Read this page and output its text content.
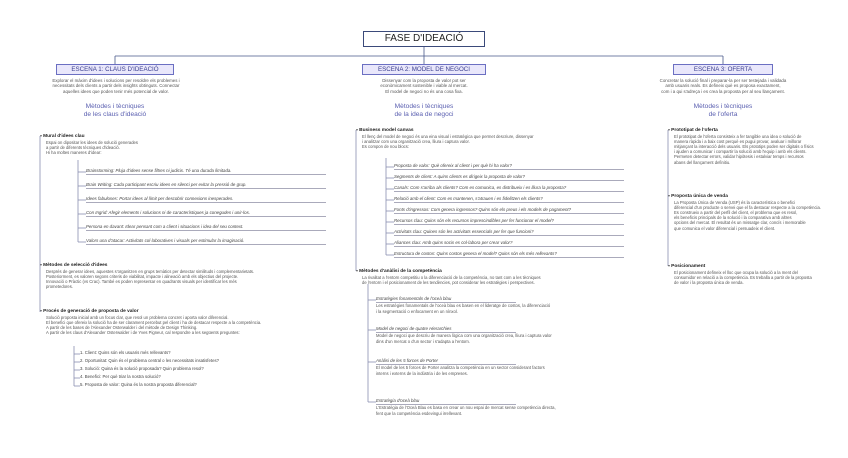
FASE D'IDEACIÓ
ESCENA 1: CLAUS D'IDEACIÓ
Explorar el màxim d'idees i solucions per resoldre els problemes i
necessitats dels clients a partir dels insights obtinguts. Connectar
aquelles idees que poden tenir més potencial de valor.
Mètodes i tècniques
de les claus d'ideació
▾ Mural d'idees clau
Espai on dipositar les idees de solució generades
a partir de diferents tècniques d'ideació.
Hi ha moltes maneres d'idear:
Brainstorming: Pluja d'idees sense filtres ni judicis. Té una durada limitada.
Brain Writing: Cada participant escriu idees en silenci per evitar la pressió de grup.
Idees fabuloses: Portar idees al límit per descobrir connexions inesperades.
Con Ingrid: Afegir elements i solucions ni de característiques ja conegudes i unir-los.
Persona en davant: Idear pensant com a client i situacions i idea del seu context.
Valors una d'atacar: Activitats col·laboratives i visuals per estimular la imaginació.
▾ Mètodes de selecció d'idees
Després de generar idees, aquestes s'organitzen en grups temàtics per detectar similituds i complementarietats.
Posteriorment, es valoren segons criteris de viabilitat, impacte i alineació amb els objectius del projecte.
Innovació o Pràctic (vs Crac). També es poden representar en quadrants visuals per identificar les més
prometedores.
▾ Procés de generació de proposta de valor
Solució proposta inicial amb un focus clar, que resol un problema concret i aporta valor diferencial.
El benefici que ofereix la solució ha de ser clarament percebut pel client i ha de destacar respecte a la competència.
A partir de les bases de l'Alexander Osterwalder i del mètode de Design Thinking.
A partir de les claus d'Alexander Osterwalder i de Yves Pigneur, cal respondre a les següents preguntes:
1. Client: Quins són els usuaris més rellevants?
2. Oportunitat: Quin és el problema central o les necessitats insatisfetes?
3. Solució: Quina és la solució proposada? Quin problema resol?
4. Benefici: Per què triar la nostra solució?
5. Proposta de valor: Quina és la nostra proposta diferencial?
ESCENA 2: MODEL DE NEGOCI
Dissenyar com la proposta de valor pot ser
econòmicament sostenible i viable al mercat.
El model de negoci no és una cosa fixa.
Mètodes i tècniques
de la idea de negoci
▾ Business model canvas
El llenç del model de negoci és una eina visual i estratègica que permet descriure, dissenyar
i analitzar com una organització crea, lliura i captura valor.
Es compon de nou blocs:
Proposta de valor: Què ofereix al client i per què hi ha valor?
Segments de client: A quins clients es dirigeix la proposta de valor?
Canals: Com s'arriba als clients? Com es comunica, es distribueix i es lliura la proposta?
Relació amb el client: Com es mantenen, s'atrauen i es fidelitzen els clients?
Fonts d'ingressos: Com genera ingressos? Quins són els preus i els models de pagament?
Recursos clau: Quins són els recursos imprescindibles per fer funcionar el model?
Activitats clau: Quines són les activitats essencials per fer que funcioni?
Aliances clau: Amb quins socis es col·labora per crear valor?
Estructura de costos: Quins costos genera el model? Quins són els més rellevants?
▾ Mètodes d'anàlisi de la competència
La rivalitat a l'entorn competitiu o la diferenciació de la competència, no tant com a les tècniques
de l'entorn i el posicionament de les tendències, pot considerar les estratègies i perspectives.
Estratègies fonamentals de l'oceà blau
Les estratègies fonamentals de l'oceà blau es basen en el lideratge de costos, la diferenciació
i la segmentació o enfocament en un nínxol.
Model de negoci de quatre Hierarchies
Model de negoci que descriu de manera lògica com una organització crea, lliura i captura valor
dins d'un mercat o d'un sector i s'adapta a l'entorn.
Anàlisi de les 5 forces de Porter
El model de les 5 forces de Porter analitza la competència en un sector considerant factors
interns i externs de la indústria i de les empreses.
Estratègia d'oceà blau
L'Estratègia de l'Oceà Blau es basa en crear un nou espai de mercat sense competència directa,
fent que la competència esdevingui irrellevant.
ESCENA 3: OFERTA
Concretar la solució final i preparar-la per ser testejada i validada
amb usuaris reals. Es defineix què es proposa exactament,
com i a qui s'adreça i es crea la proposta per al seu llançament.
Mètodes i tècniques
de l'oferta
▾ Prototipat de l'oferta
El prototipat de l'oferta consisteix a fer tangible una idea o solució de
manera ràpida i a baix cost perquè es pugui provar, avaluar i millorar
mitjançant la interacció dels usuaris. Els prototips poden ser digitals o físics
i ajuden a comunicar i compartir la solució amb l'equip i amb els clients.
Permeten detectar errors, validar hipòtesis i estalviar temps i recursos
abans del llançament definitiu.
▾ Proposta única de venda
La Proposta Única de Venda (USP) és la característica o benefici
diferencial d'un producte o servei que el fa destacar respecte a la competència.
Es construeix a partir del perfil del client, el problema que es resol,
els beneficis principals de la solució i la comparativa amb altres
opcions del mercat. El resultat és un missatge clar, concís i memorable
que comunica el valor diferencial i persuadeix el client.
▾ Posicionament
El posicionament defineix el lloc que ocupa la solució a la ment del
consumidor en relació a la competència. Es treballa a partir de la proposta
de valor i la proposta única de venda.
